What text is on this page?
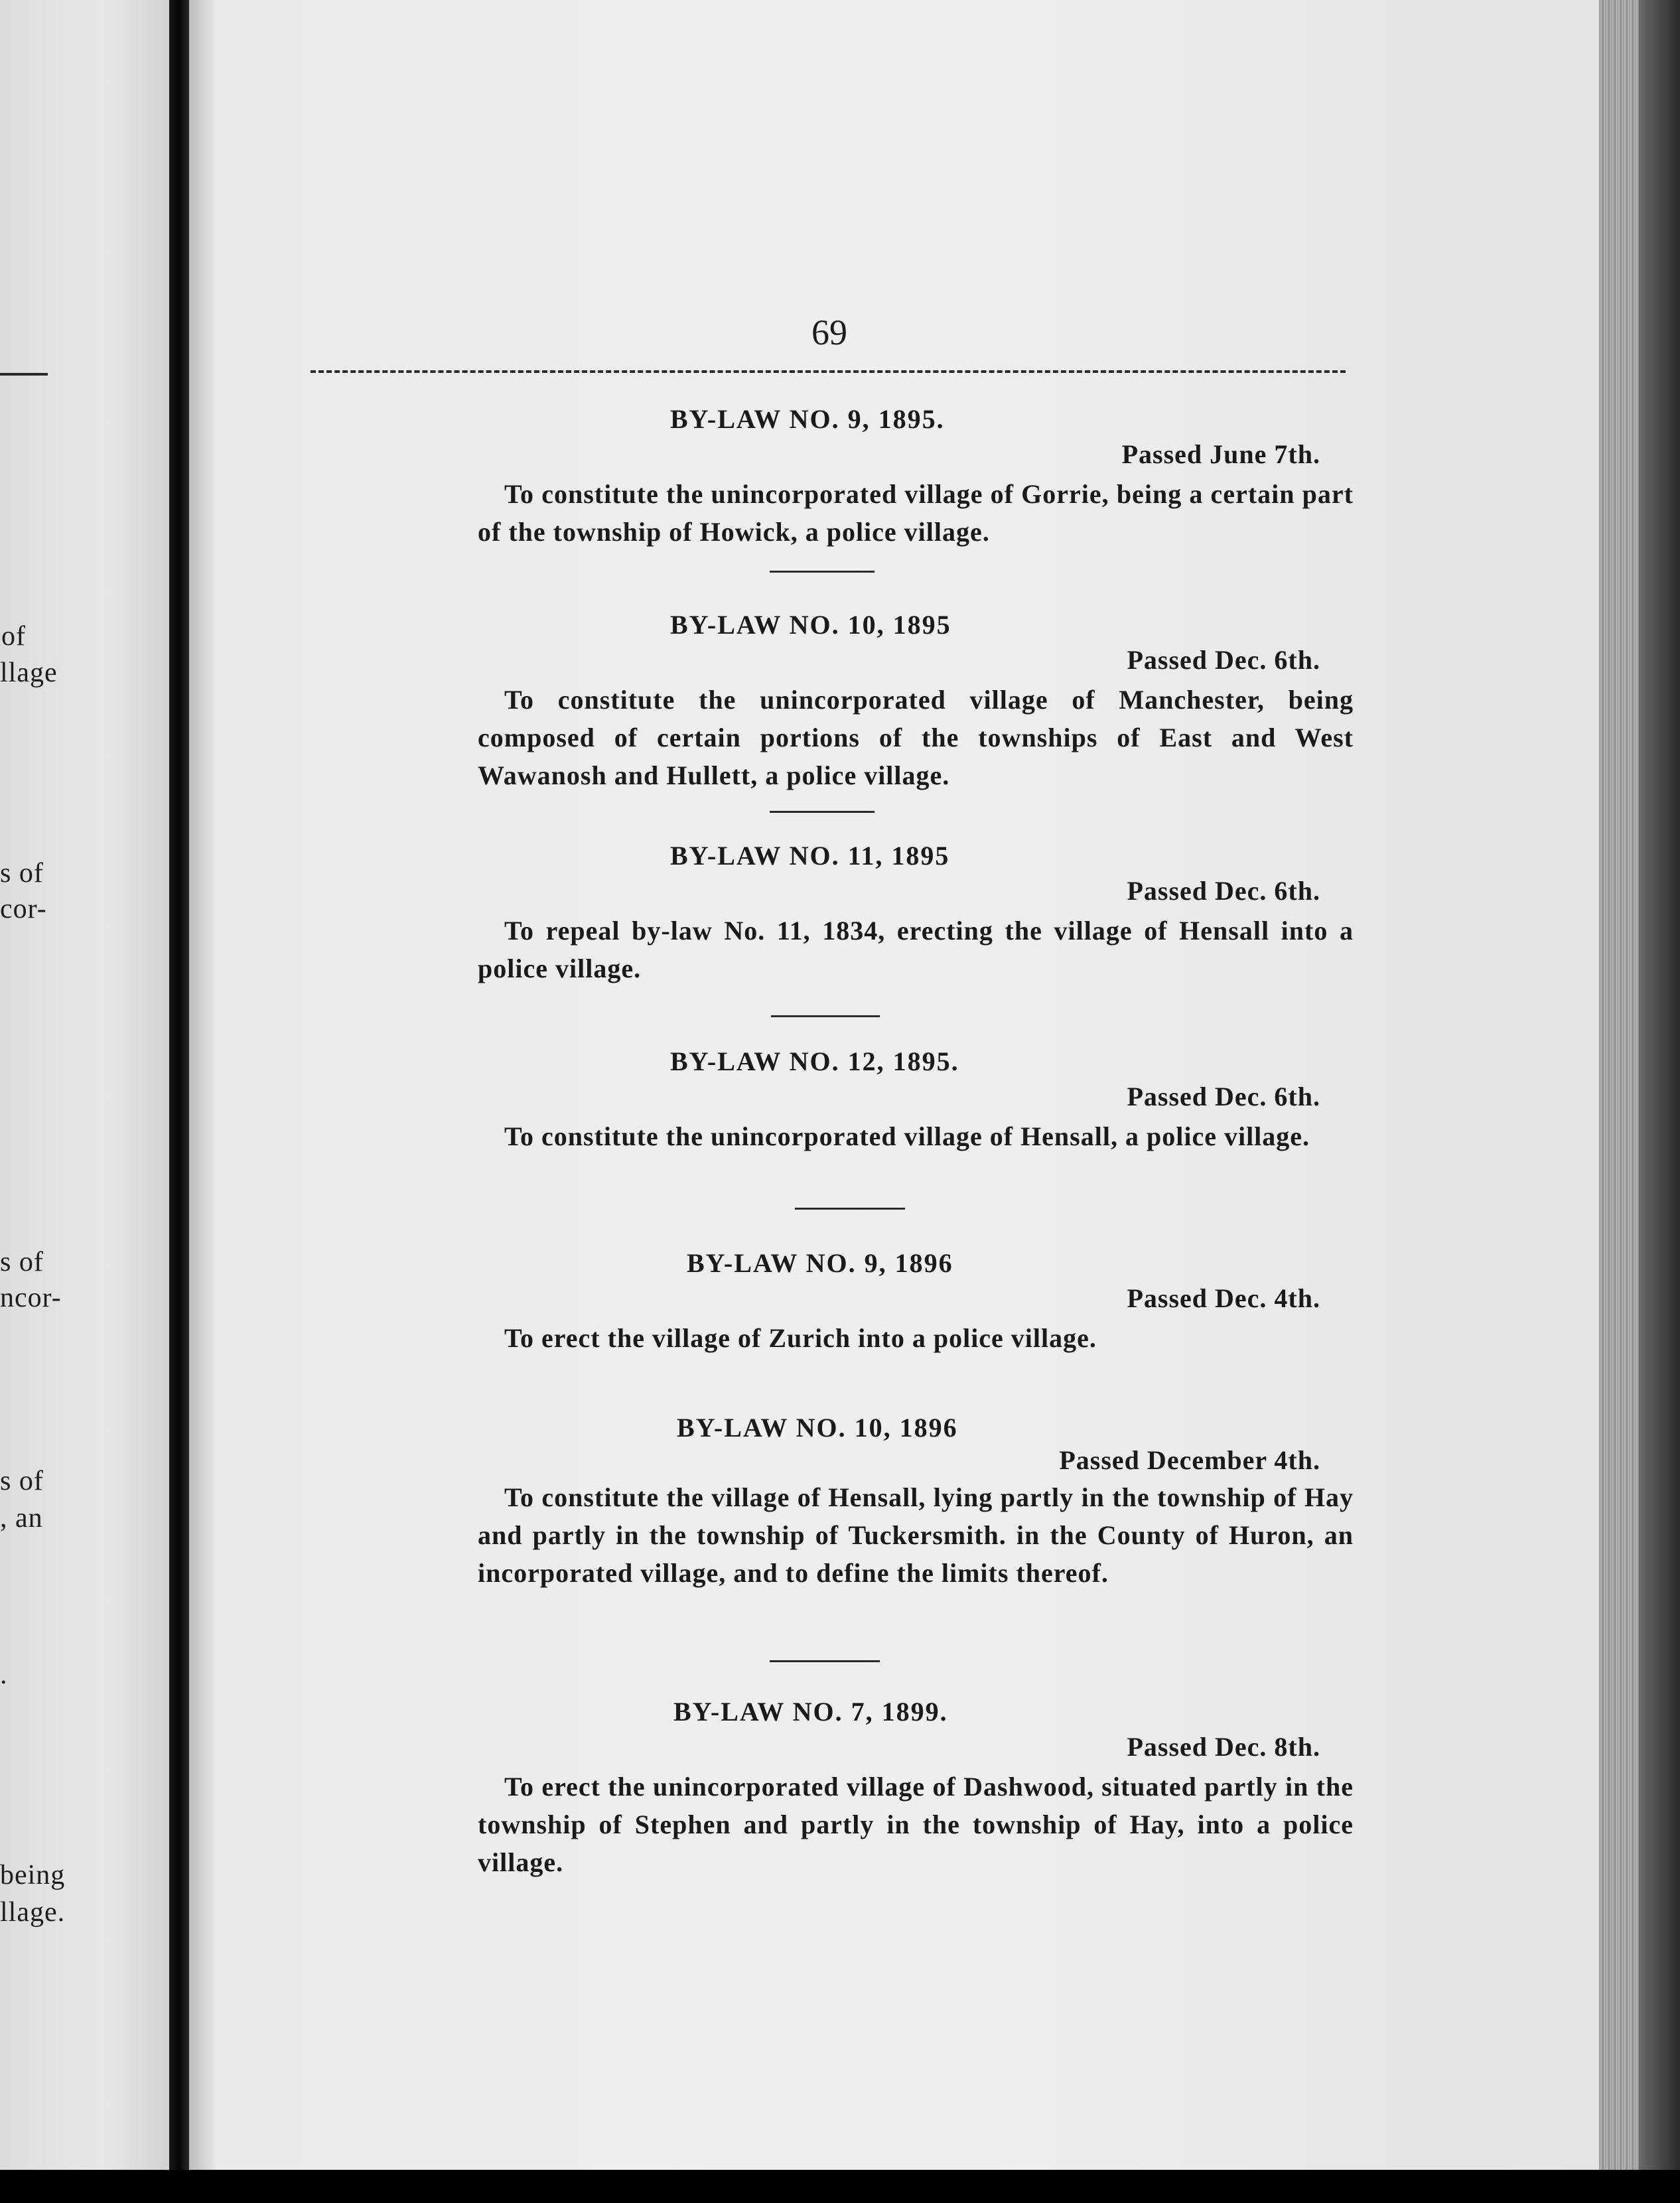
of
llage
s of
cor-
s of
ncor-
s of
, an
.
being
llage.
69
BY-LAW NO. 9, 1895.
Passed June 7th.
To constitute the unincorporated village of Gorrie, being a certain part of the township of Howick, a police village.
BY-LAW NO. 10, 1895
Passed Dec. 6th.
To constitute the unincorporated village of Manchester, being composed of certain portions of the townships of East and West Wawanosh and Hullett, a police village.
BY-LAW NO. 11, 1895
Passed Dec. 6th.
To repeal by-law No. 11, 1834, erecting the village of Hensall into a police village.
BY-LAW NO. 12, 1895.
Passed Dec. 6th.
To constitute the unincorporated village of Hensall, a police village.
BY-LAW NO. 9, 1896
Passed Dec. 4th.
To erect the village of Zurich into a police village.
BY-LAW NO. 10, 1896
Passed December 4th.
To constitute the village of Hensall, lying partly in the township of Hay and partly in the township of Tuckersmith. in the County of Huron, an incorporated village, and to define the limits thereof.
BY-LAW NO. 7, 1899.
Passed Dec. 8th.
To erect the unincorporated village of Dashwood, situated partly in the township of Stephen and partly in the township of Hay, into a police village.
